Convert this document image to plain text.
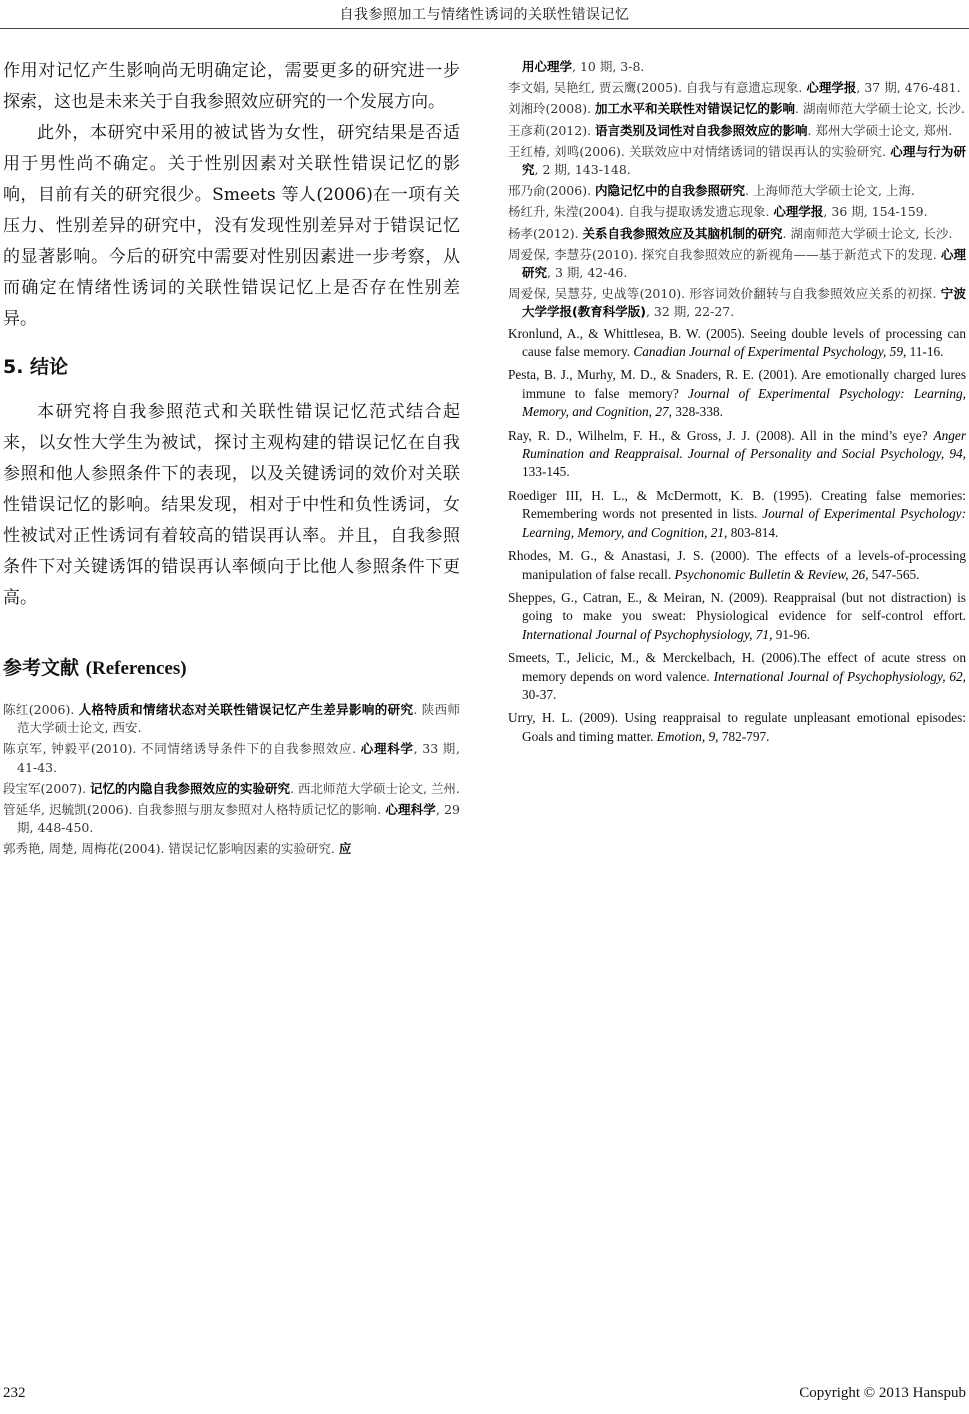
自我参照加工与情绪性诱词的关联性错误记忆

作用对记忆产生影响尚无明确定论，需要更多的研究进一步探索，这也是未来关于自我参照效应研究的一个发展方向。

此外，本研究中采用的被试皆为女性，研究结果是否适用于男性尚不确定。关于性别因素对关联性错误记忆的影响，目前有关的研究很少。Smeets 等人(2006)在一项有关压力、性别差异的研究中，没有发现性别差异对于错误记忆的显著影响。今后的研究中需要对性别因素进一步考察，从而确定在情绪性诱词的关联性错误记忆上是否存在性别差异。

5. 结论

本研究将自我参照范式和关联性错误记忆范式结合起来，以女性大学生为被试，探讨主观构建的错误记忆在自我参照和他人参照条件下的表现，以及关键诱词的效价对关联性错误记忆的影响。结果发现，相对于中性和负性诱词，女性被试对正性诱词有着较高的错误再认率。并且，自我参照条件下对关键诱饵的错误再认率倾向于比他人参照条件下更高。

参考文献 (References)

陈红(2006). 人格特质和情绪状态对关联性错误记忆产生差异影响的研究. 陕西师范大学硕士论文, 西安.

陈京军, 钟毅平(2010). 不同情绪诱导条件下的自我参照效应. 心理科学, 33 期, 41-43.

段宝军(2007). 记忆的内隐自我参照效应的实验研究. 西北师范大学硕士论文, 兰州.

管延华, 迟毓凯(2006). 自我参照与朋友参照对人格特质记忆的影响. 心理科学, 29 期, 448-450.

郭秀艳, 周楚, 周梅花(2004). 错误记忆影响因素的实验研究. 应

用心理学, 10 期, 3-8.

李文娟, 吴艳红, 贾云鹰(2005). 自我与有意遗忘现象. 心理学报, 37 期, 476-481.

刘湘玲(2008). 加工水平和关联性对错误记忆的影响. 湖南师范大学硕士论文, 长沙.

王彦莉(2012). 语言类别及词性对自我参照效应的影响. 郑州大学硕士论文, 郑州.

王红椿, 刘鸣(2006). 关联效应中对情绪诱词的错误再认的实验研究. 心理与行为研究, 2 期, 143-148.

邢乃俞(2006). 内隐记忆中的自我参照研究. 上海师范大学硕士论文, 上海.

杨红升, 朱滢(2004). 自我与提取诱发遗忘现象. 心理学报, 36 期, 154-159.

杨孝(2012). 关系自我参照效应及其脑机制的研究. 湖南师范大学硕士论文, 长沙.

周爱保, 李慧芬(2010). 探究自我参照效应的新视角——基于新范式下的发现. 心理研究, 3 期, 42-46.

周爱保, 吴慧芬, 史战等(2010). 形容词效价翻转与自我参照效应关系的初探. 宁波大学学报(教育科学版), 32 期, 22-27.

Kronlund, A., & Whittlesea, B. W. (2005). Seeing double levels of processing can cause false memory. Canadian Journal of Experimental Psychology, 59, 11-16.

Pesta, B. J., Murhy, M. D., & Snaders, R. E. (2001). Are emotionally charged lures immune to false memory? Journal of Experimental Psychology: Learning, Memory, and Cognition, 27, 328-338.

Ray, R. D., Wilhelm, F. H., & Gross, J. J. (2008). All in the mind’s eye? Anger Rumination and Reappraisal. Journal of Personality and Social Psychology, 94, 133-145.

Roediger III, H. L., & McDermott, K. B. (1995). Creating false memories: Remembering words not presented in lists. Journal of Experimental Psychology: Learning, Memory, and Cognition, 21, 803-814.

Rhodes, M. G., & Anastasi, J. S. (2000). The effects of a levels-of-processing manipulation of false recall. Psychonomic Bulletin & Review, 26, 547-565.

Sheppes, G., Catran, E., & Meiran, N. (2009). Reappraisal (but not distraction) is going to make you sweat: Physiological evidence for self-control effort. International Journal of Psychophysiology, 71, 91-96.

Smeets, T., Jelicic, M., & Merckelbach, H. (2006).The effect of acute stress on memory depends on word valence. International Journal of Psychophysiology, 62, 30-37.

Urry, H. L. (2009). Using reappraisal to regulate unpleasant emotional episodes: Goals and timing matter. Emotion, 9, 782-797.

232	Copyright © 2013 Hanspub
